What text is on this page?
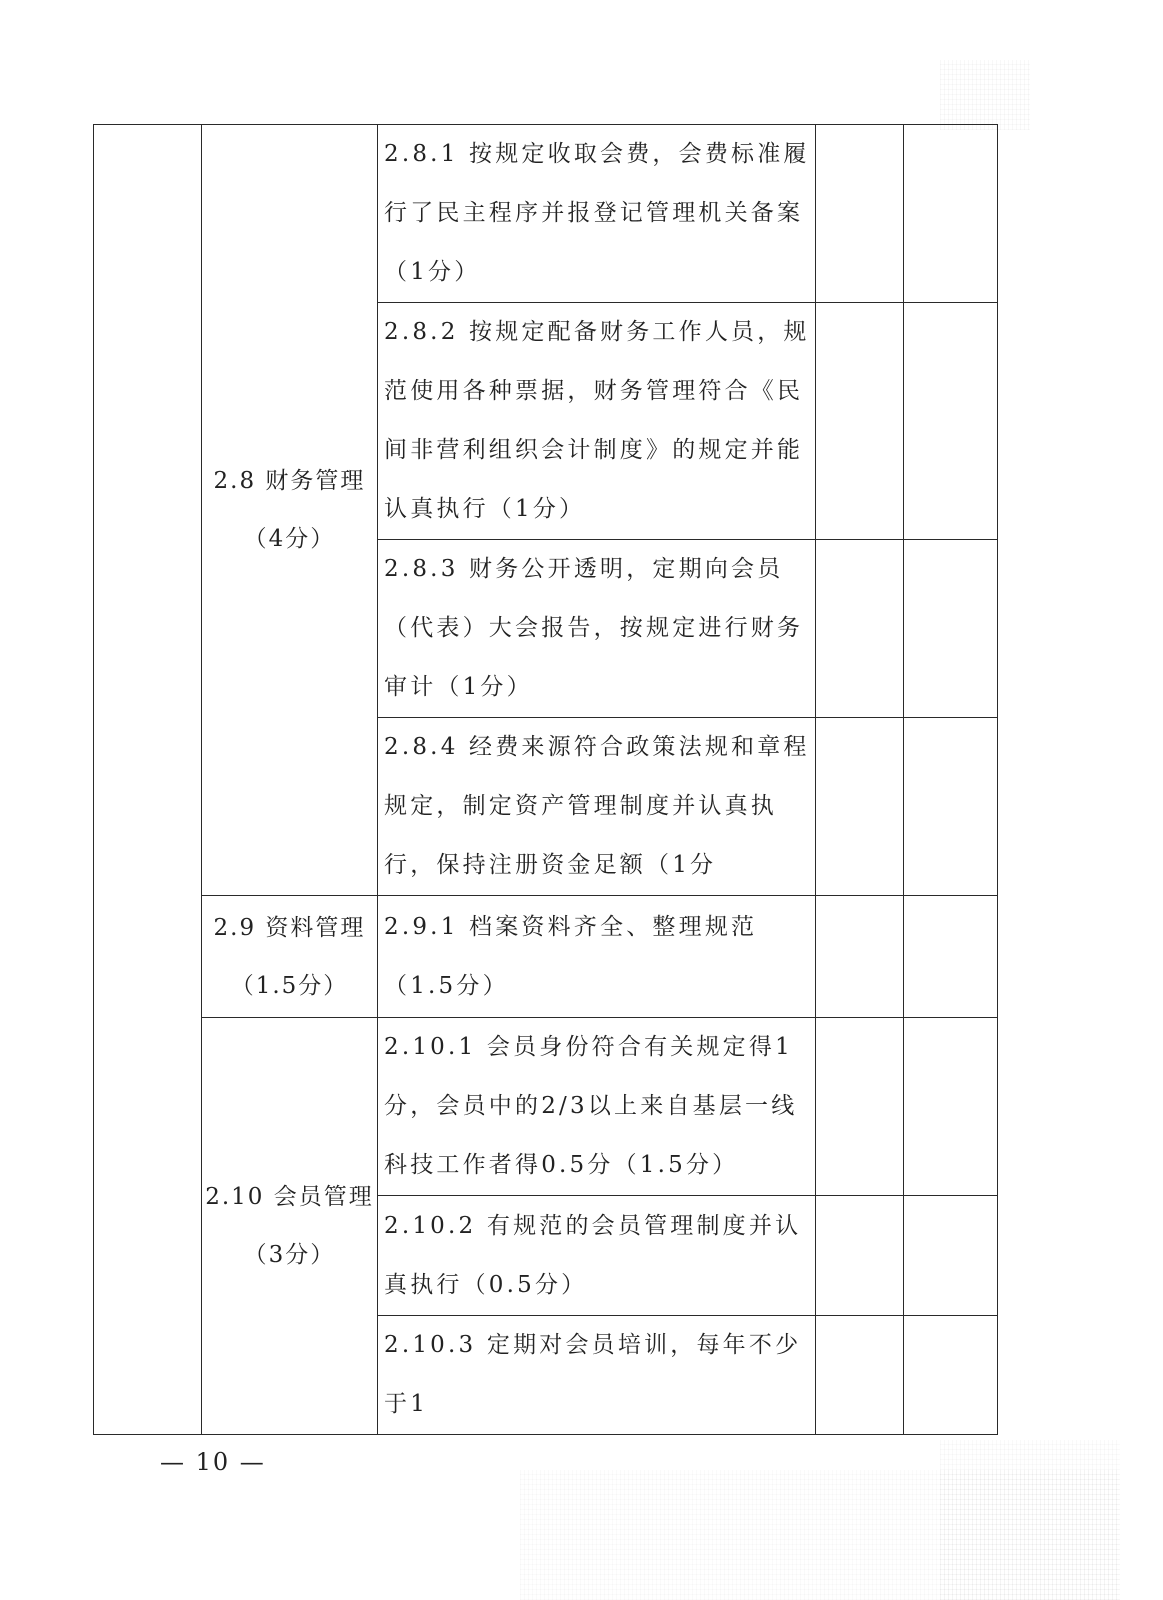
	2.8 财务管理
（4分）	2.8.1 按规定收取会费，会费标准履行了民主程序并报登记管理机关备案（1分）		

		2.8.2 按规定配备财务工作人员，规范使用各种票据，财务管理符合《民间非营利组织会计制度》的规定并能认真执行（1分）		

		2.8.3 财务公开透明，定期向会员（代表）大会报告，按规定进行财务审计（1分）		

		2.8.4 经费来源符合政策法规和章程规定，制定资产管理制度并认真执行，保持注册资金足额（1分		

	2.9 资料管理
（1.5分）	2.9.1 档案资料齐全、整理规范（1.5分）		

	2.10 会员管理
（3分）	2.10.1 会员身份符合有关规定得1分，会员中的2/3以上来自基层一线科技工作者得0.5分（1.5分）		

		2.10.2 有规范的会员管理制度并认真执行（0.5分）		

		2.10.3 定期对会员培训，每年不少于1		

— 10 —
